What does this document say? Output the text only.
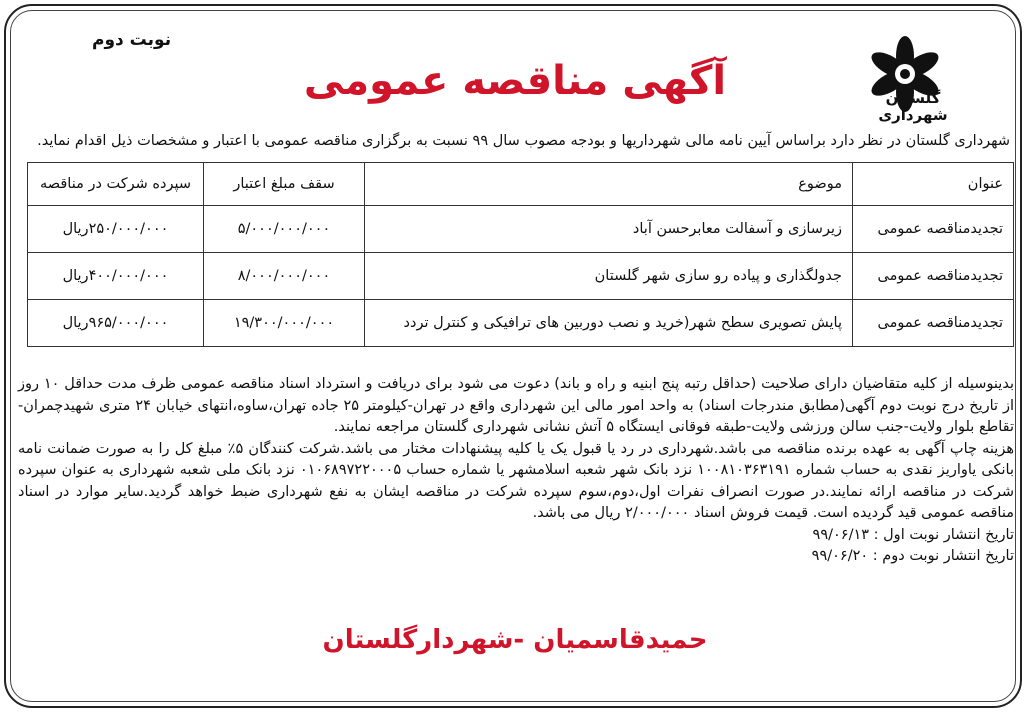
نوبت دوم
گلستان
شهرداری
آگهی مناقصه عمومی
شهرداری گلستان در نظر دارد براساس آیین نامه مالی شهرداریها و بودجه مصوب سال ۹۹ نسبت به برگزاری مناقصه عمومی با اعتبار و مشخصات ذیل اقدام نماید.
عنوان	موضوع	سقف مبلغ اعتبار	سپرده شرکت در مناقصه
تجدیدمناقصه عمومی	زیرسازی و آسفالت معابرحسن آباد	۵/۰۰۰/۰۰۰/۰۰۰	۲۵۰/۰۰۰/۰۰۰ریال
تجدیدمناقصه عمومی	جدولگذاری و پیاده رو سازی شهر گلستان	۸/۰۰۰/۰۰۰/۰۰۰	۴۰۰/۰۰۰/۰۰۰ریال
تجدیدمناقصه عمومی	پایش تصویری سطح شهر(خرید و نصب دوربین های ترافیکی و کنترل تردد	۱۹/۳۰۰/۰۰۰/۰۰۰	۹۶۵/۰۰۰/۰۰۰ریال

بدینوسیله از کلیه متقاضیان دارای صلاحیت (حداقل رتبه پنج ابنیه و راه و باند) دعوت می شود برای دریافت و استرداد اسناد مناقصه عمومی ظرف مدت حداقل ۱۰ روز از تاریخ درج نوبت دوم آگهی(مطابق مندرجات اسناد) به واحد امور مالی این شهرداری واقع در تهران-کیلومتر ۲۵ جاده تهران،ساوه،انتهای خیابان ۲۴ متری شهیدچمران-تقاطع بلوار ولایت-جنب سالن ورزشی ولایت-طبقه فوقانی ایستگاه ۵ آتش نشانی شهرداری گلستان مراجعه نمایند.

هزینه چاپ آگهی به عهده برنده مناقصه می باشد.شهرداری در رد یا قبول یک یا کلیه پیشنهادات مختار می باشد.شرکت کنندگان ۵٪ مبلغ کل را به صورت ضمانت نامه بانکی یاواریز نقدی به حساب شماره ۱۰۰۸۱۰۳۶۳۱۹۱ نزد بانک شهر شعبه اسلامشهر یا شماره حساب ۰۱۰۶۸۹۷۲۲۰۰۰۵ نزد بانک ملی شعبه شهرداری به عنوان سپرده شرکت در مناقصه ارائه نمایند.در صورت انصراف نفرات اول،دوم،سوم سپرده شرکت در مناقصه ایشان به نفع شهرداری ضبط خواهد گردید.سایر موارد در اسناد مناقصه عمومی قید گردیده است. قیمت فروش اسناد ۲/۰۰۰/۰۰۰ ریال می باشد.

تاریخ انتشار نوبت اول : ۹۹/۰۶/۱۳

تاریخ انتشار نوبت دوم : ۹۹/۰۶/۲۰

حمیدقاسمیان -شهردارگلستان
